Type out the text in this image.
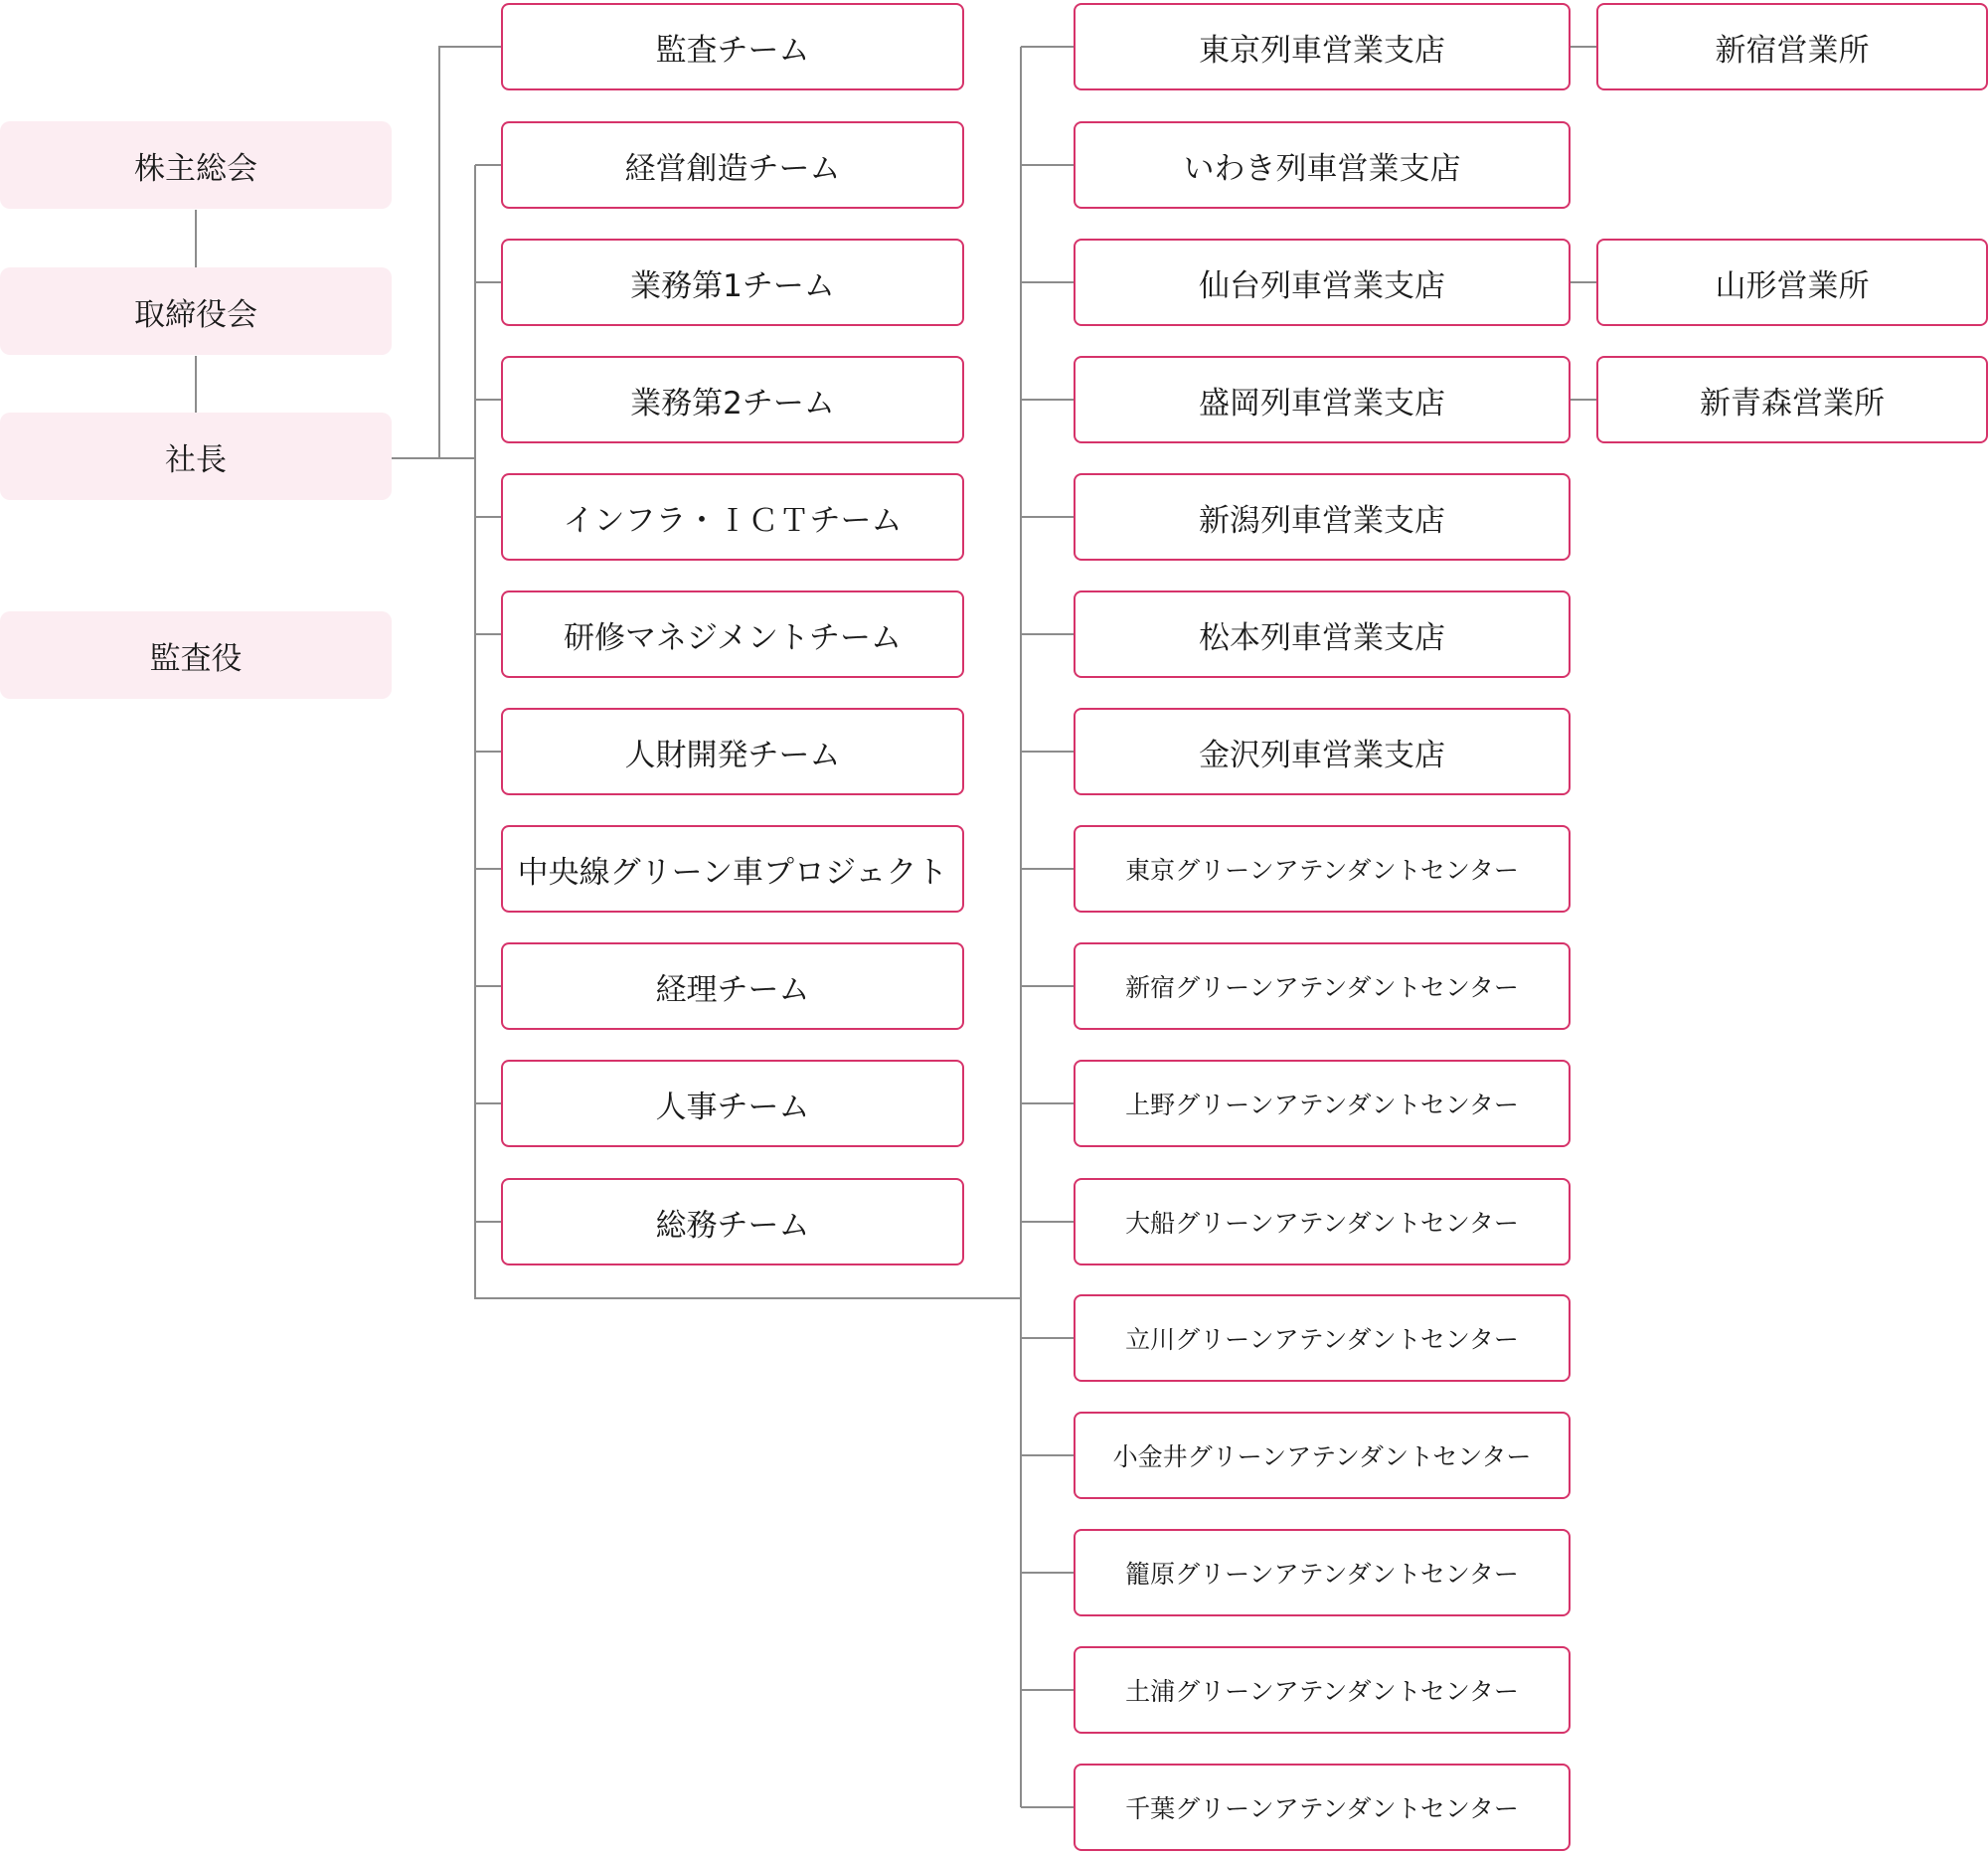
株主総会
取締役会
社長
監査役
監査チーム
経営創造チーム
業務第1チーム
業務第2チーム
インフラ・ＩＣＴチーム
研修マネジメントチーム
人財開発チーム
中央線グリーン車プロジェクト
経理チーム
人事チーム
総務チーム
東京列車営業支店
いわき列車営業支店
仙台列車営業支店
盛岡列車営業支店
新潟列車営業支店
松本列車営業支店
金沢列車営業支店
東京グリーンアテンダントセンター
新宿グリーンアテンダントセンター
上野グリーンアテンダントセンター
大船グリーンアテンダントセンター
立川グリーンアテンダントセンター
小金井グリーンアテンダントセンター
籠原グリーンアテンダントセンター
土浦グリーンアテンダントセンター
千葉グリーンアテンダントセンター
新宿営業所
山形営業所
新青森営業所
